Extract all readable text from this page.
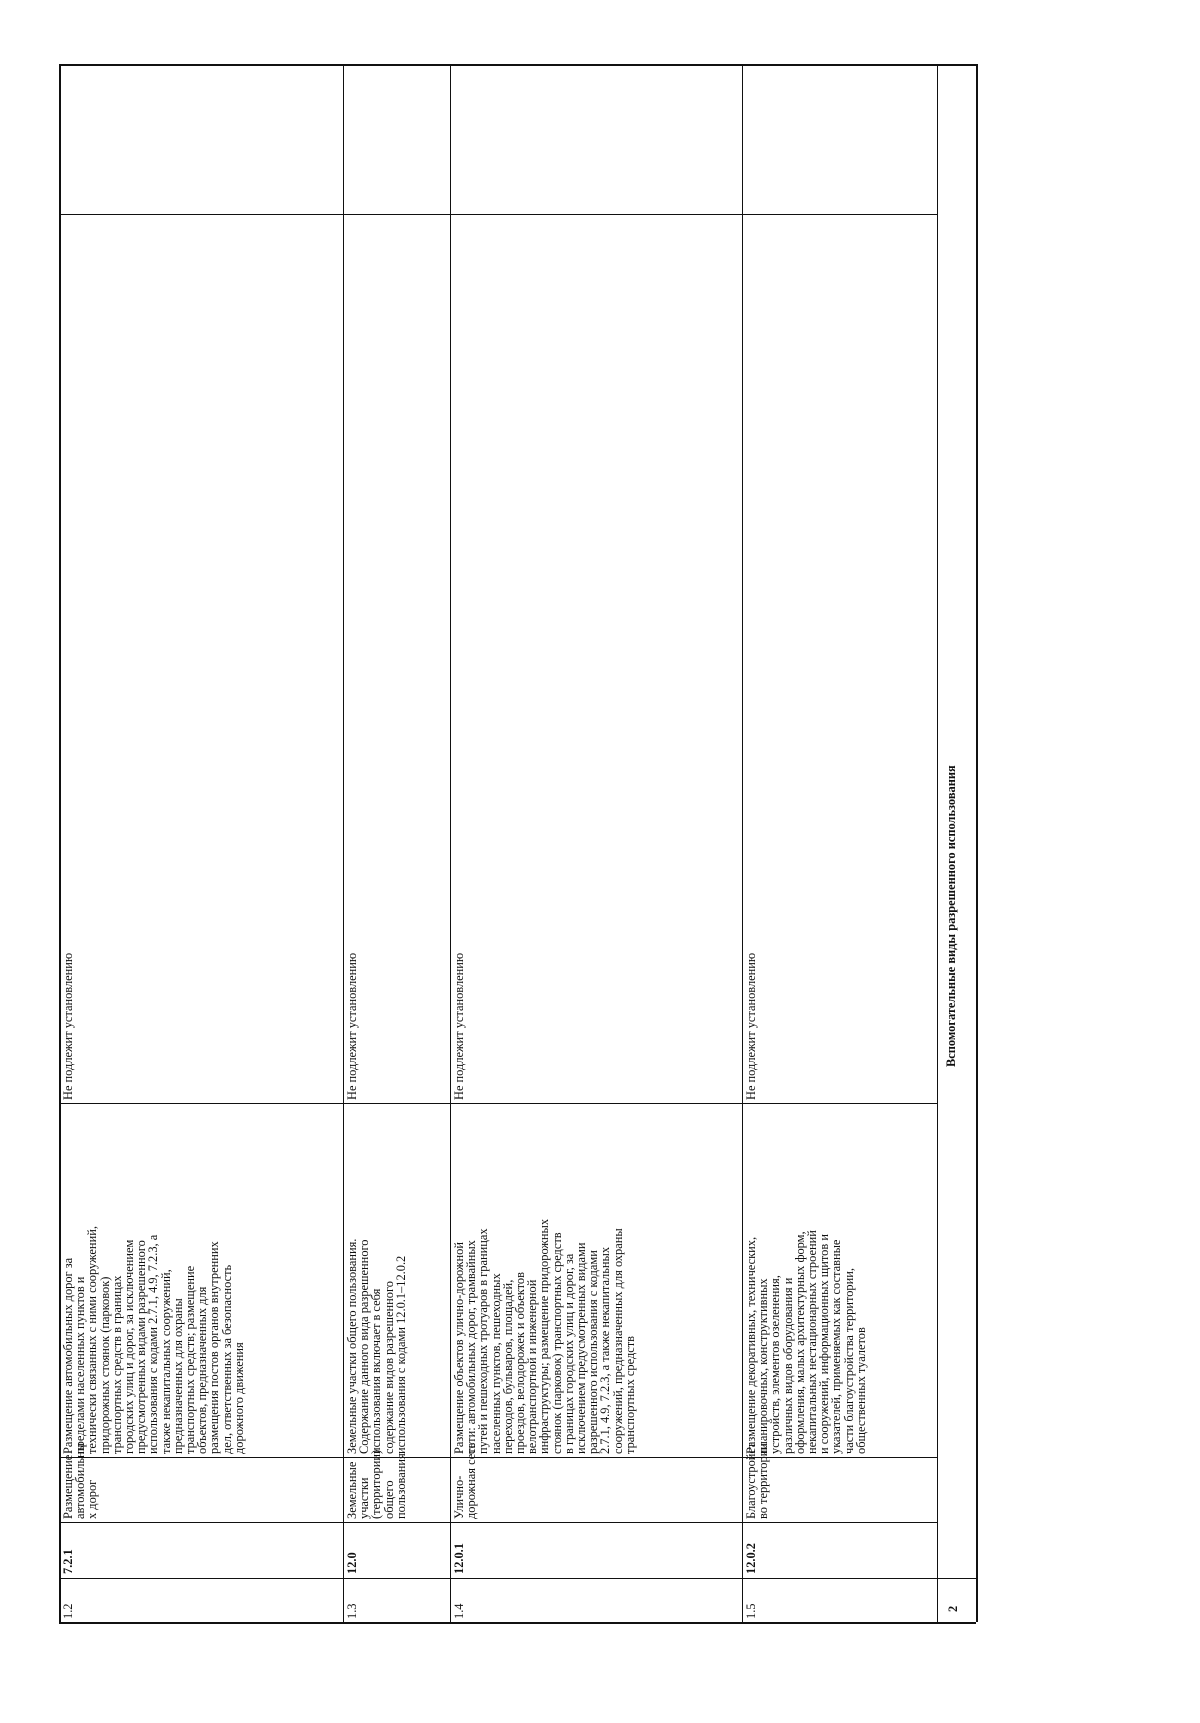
1.2
7.2.1
Размещение
автомобильны
х дорог
Размещение автомобильных дорог за
пределами населенных пунктов и
технически связанных с ними сооружений,
придорожных стоянок (парковок)
транспортных средств в границах
городских улиц и дорог, за исключением
предусмотренных видами разрешенного
использования с кодами 2.7.1, 4.9, 7.2.3, а
также некапитальных сооружений,
предназначенных для охраны
транспортных средств; размещение
объектов, предназначенных для
размещения постов органов внутренних
дел, ответственных за безопасность
дорожного движения
Не подлежит установлению
1.3
12.0
Земельные
участки
(территории)
общего
пользования
Земельные участки общего пользования.
Содержание данного вида разрешенного
использования включает в себя
содержание видов разрешенного
использования с кодами 12.0.1–12.0.2
Не подлежит установлению
1.4
12.0.1
Улично-
дорожная сеть
Размещение объектов улично-дорожной
сети: автомобильных дорог, трамвайных
путей и пешеходных тротуаров в границах
населенных пунктов, пешеходных
переходов, бульваров, площадей,
проездов, велодорожек и объектов
велотранспортной и инженерной
инфраструктуры; размещение придорожных
стоянок (парковок) транспортных средств
в границах городских улиц и дорог, за
исключением предусмотренных видами
разрешенного использования с кодами
2.7.1, 4.9, 7.2.3, а также некапитальных
сооружений, предназначенных для охраны
транспортных средств
Не подлежит установлению
1.5
12.0.2
Благоустройст
во территории
Размещение декоративных, технических,
планировочных, конструктивных
устройств, элементов озеленения,
различных видов оборудования и
оформления, малых архитектурных форм,
некапитальных нестационарных строений
и сооружений, информационных щитов и
указателей, применяемых как составные
части благоустройства территории,
общественных туалетов
Не подлежит установлению
2
Вспомогательные виды разрешенного использования
